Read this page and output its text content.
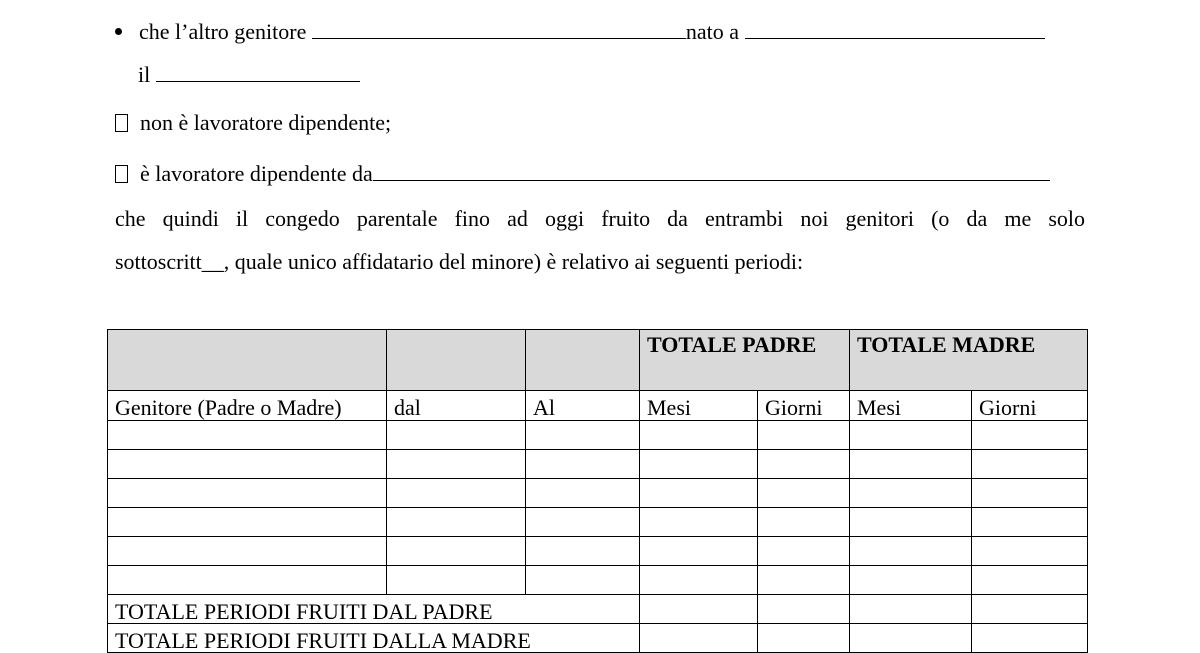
che l’altro genitore	nato a
il
non è lavoratore dipendente;
è lavoratore dipendente da
che quindi il congedo parentale fino ad oggi fruito da entrambi noi genitori (o da me solo
sottoscritt__, quale unico affidatario del minore) è relativo ai seguenti periodi:
			TOTALE PADRE		TOTALE MADRE	
Genitore (Padre o Madre)	dal	Al	Mesi	Giorni	Mesi	Giorni

TOTALE PERIODI FRUITI DAL PADRE						
TOTALE PERIODI FRUITI DALLA MADRE						
